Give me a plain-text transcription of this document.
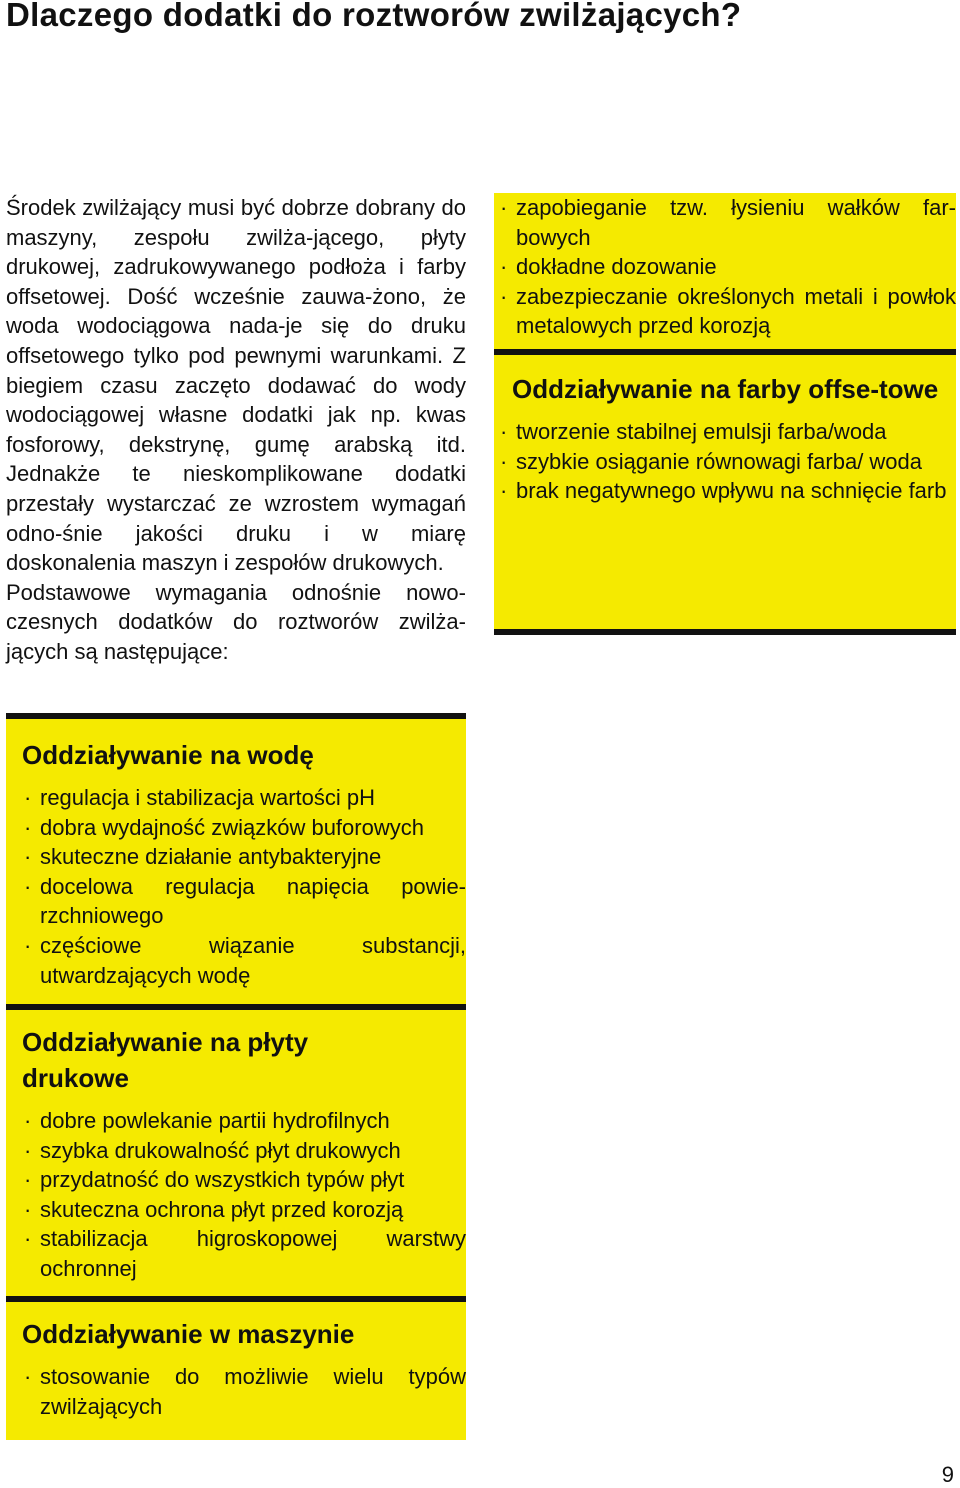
Dlaczego dodatki do roztworów zwilżających?

Środek zwilżający musi być dobrze dobrany do maszyny, zespołu zwilża-jącego, płyty drukowej, zadrukowywanego podłoża i farby offsetowej. Dość wcześnie zauwa-żono, że woda wodociągowa nada-je się do druku offsetowego tylko pod pewnymi warunkami. Z biegiem czasu zaczęto dodawać do wody wodociągowej własne dodatki jak np. kwas fosforowy, dekstrynę, gumę arabską itd. Jednakże te nieskomplikowane dodatki przestały wystarczać ze wzrostem wymagań odno-śnie jakości druku i w miarę doskonalenia maszyn i zespołów drukowych.

Podstawowe wymagania odnośnie nowo-czesnych dodatków do roztworów zwilża-jących są następujące:

Oddziaływanie na wodę
· regulacja i stabilizacja wartości pH
· dobra wydajność związków buforowych
· skuteczne działanie antybakteryjne
· docelowa regulacja napięcia powie-rzchniowego
· częściowe wiązanie substancji, utwardzających wodę
Oddziaływanie na płyty drukowe
· dobre powlekanie partii hydrofilnych
· szybka drukowalność płyt drukowych
· przydatność do wszystkich typów płyt
· skuteczna ochrona płyt przed korozją
· stabilizacja higroskopowej warstwy ochronnej
Oddziaływanie w maszynie
· stosowanie do możliwie wielu typów zwilżających
· zapobieganie tzw. łysieniu wałków far-bowych
· dokładne dozowanie
· zabezpieczanie określonych metali i powłok metalowych przed korozją
Oddziaływanie na farby offse-towe
· tworzenie stabilnej emulsji farba/woda
· szybkie osiąganie równowagi farba/ woda
· brak negatywnego wpływu na schnięcie farb
9
